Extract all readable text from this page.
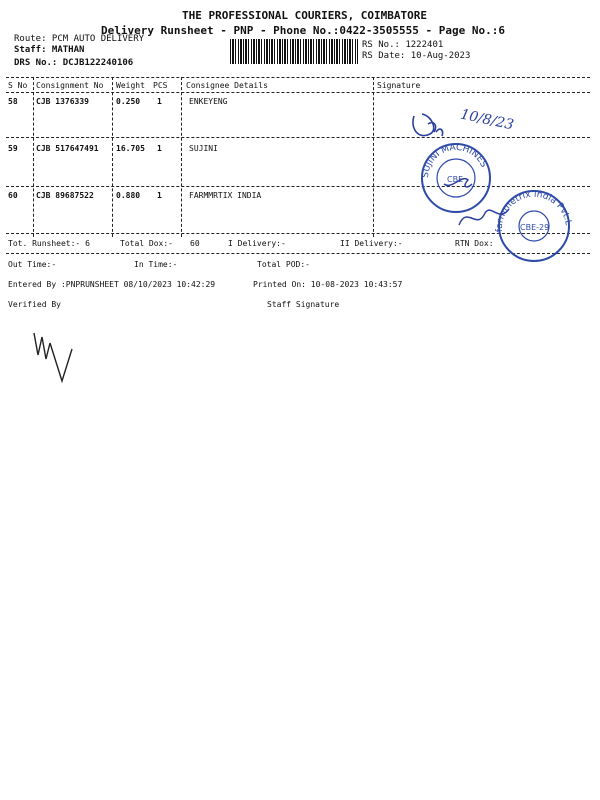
THE PROFESSIONAL COURIERS, COIMBATORE
Delivery Runsheet - PNP - Phone No.:0422-3505555 - Page No.:6
Route: PCM AUTO DELIVERY
Staff: MATHAN
DRS No.: DCJB122240106
RS No.: 1222401
RS Date: 10-Aug-2023
S No Consignment No Weight PCS Consignee Details	Signature
58 CJB 1376339	0.250 1	ENKEYENG
59 CJB 517647491 16.705 1	SUJINI
60 CJB 89687522	0.880 1	FARMMRTIX INDIA
Tot. Runsheet:- 6	Total Dox:- 60	I Delivery:-	II Delivery:-	RTN Dox:
Out Time:-	In Time:-	Total POD:-
Entered By :PNPRUNSHEET 08/10/2023 10:42:29	Printed On: 10-08-2023 10:43:57
Verified By	Staff Signature
10/8/23
SUJINI MACHINES
CBE
farmmetrix india Pvt.Ltd.
CBE-29
